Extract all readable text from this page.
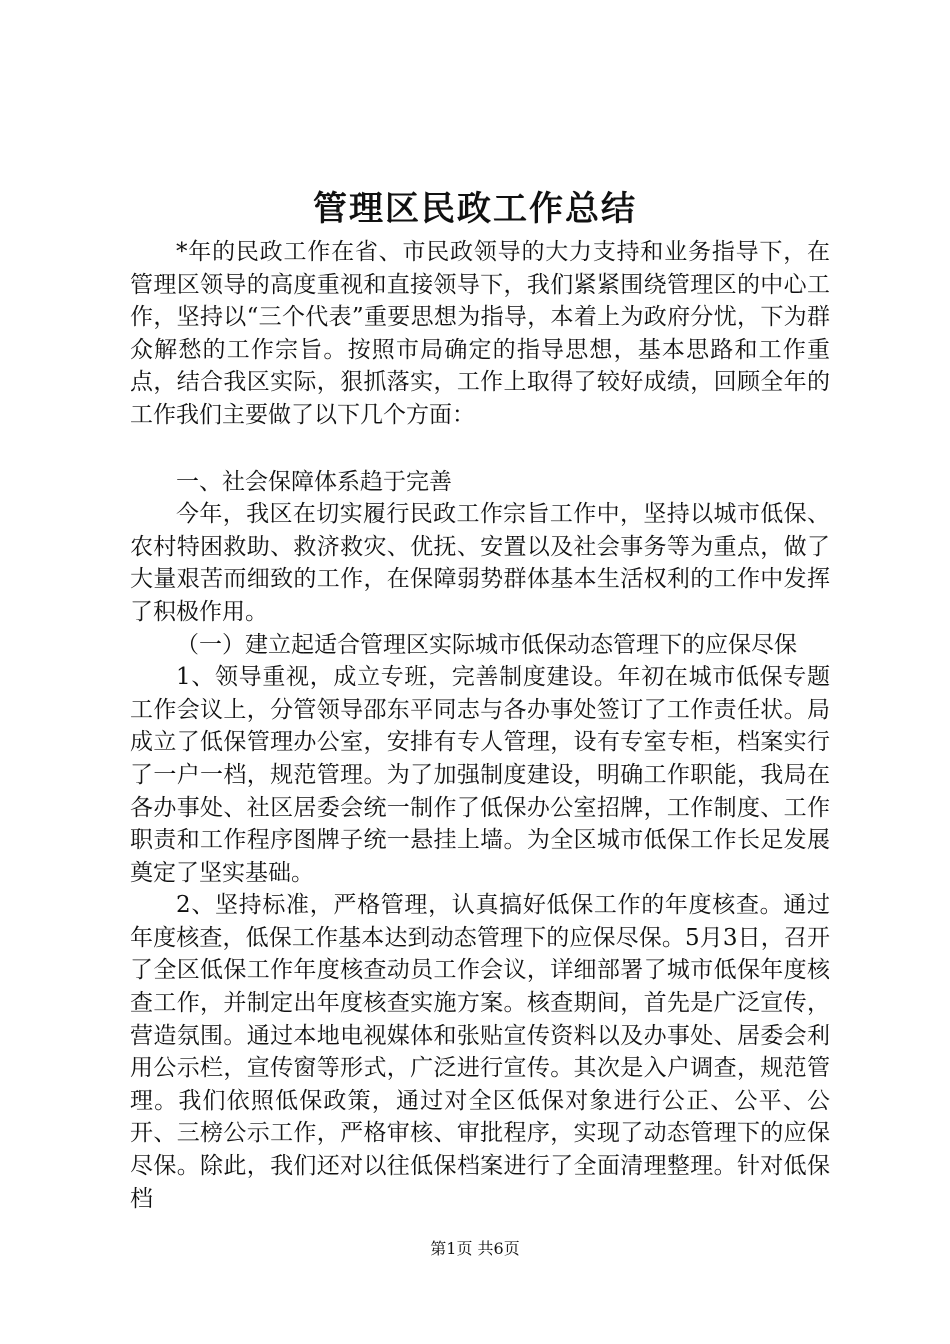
管理区民政工作总结

*年的民政工作在省、市民政领导的大力支持和业务指导下，在管理区领导的高度重视和直接领导下，我们紧紧围绕管理区的中心工作，坚持以“三个代表”重要思想为指导，本着上为政府分忧，下为群众解愁的工作宗旨。按照市局确定的指导思想，基本思路和工作重点，结合我区实际，狠抓落实，工作上取得了较好成绩，回顾全年的工作我们主要做了以下几个方面：

一、社会保障体系趋于完善

今年，我区在切实履行民政工作宗旨工作中，坚持以城市低保、农村特困救助、救济救灾、优抚、安置以及社会事务等为重点，做了大量艰苦而细致的工作，在保障弱势群体基本生活权利的工作中发挥了积极作用。

（一）建立起适合管理区实际城市低保动态管理下的应保尽保

1、领导重视，成立专班，完善制度建设。年初在城市低保专题工作会议上，分管领导邵东平同志与各办事处签订了工作责任状。局成立了低保管理办公室，安排有专人管理，设有专室专柜，档案实行了一户一档，规范管理。为了加强制度建设，明确工作职能，我局在各办事处、社区居委会统一制作了低保办公室招牌，工作制度、工作职责和工作程序图牌子统一悬挂上墙。为全区城市低保工作长足发展奠定了坚实基础。

2、坚持标准，严格管理，认真搞好低保工作的年度核查。通过年度核查，低保工作基本达到动态管理下的应保尽保。5月3日，召开了全区低保工作年度核查动员工作会议，详细部署了城市低保年度核查工作，并制定出年度核查实施方案。核查期间，首先是广泛宣传，营造氛围。通过本地电视媒体和张贴宣传资料以及办事处、居委会利用公示栏，宣传窗等形式，广泛进行宣传。其次是入户调查，规范管理。我们依照低保政策，通过对全区低保对象进行公正、公平、公开、三榜公示工作，严格审核、审批程序，实现了动态管理下的应保尽保。除此，我们还对以往低保档案进行了全面清理整理。针对低保档

第1页 共6页
